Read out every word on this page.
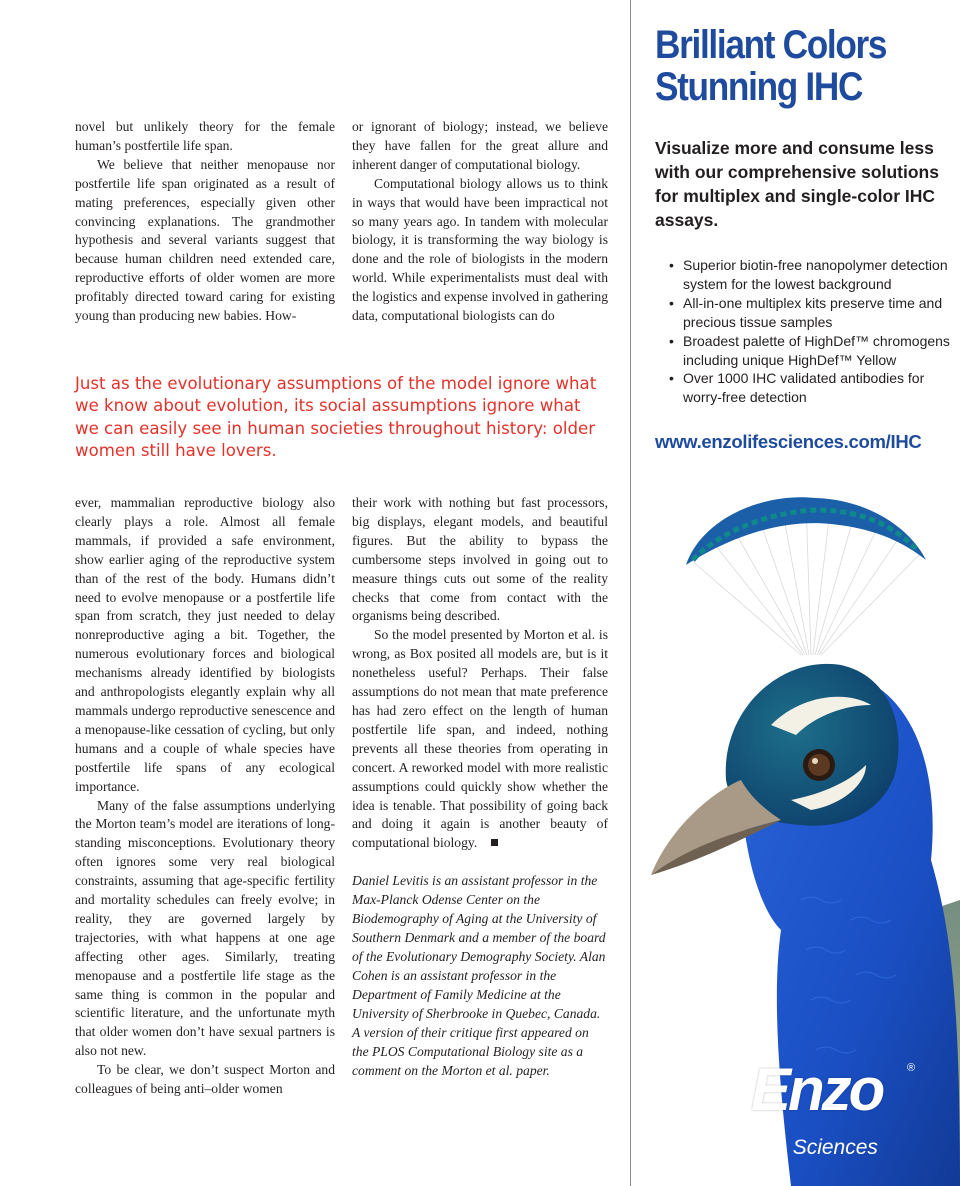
novel but unlikely theory for the female human’s postfertile life span.

We believe that neither menopause nor postfertile life span originated as a result of mating preferences, especially given other convincing explanations. The grandmother hypothesis and several variants suggest that because human children need extended care, reproductive efforts of older women are more profitably directed toward caring for existing young than producing new babies. How-

or ignorant of biology; instead, we believe they have fallen for the great allure and inherent danger of computational biology.

Computational biology allows us to think in ways that would have been impractical not so many years ago. In tandem with molecular biology, it is transforming the way biology is done and the role of biologists in the modern world. While experimentalists must deal with the logistics and expense involved in gathering data, computational biologists can do

Just as the evolutionary assumptions of the model ignore what we know about evolution, its social assumptions ignore what we can easily see in human societies throughout history: older women still have lovers.

ever, mammalian reproductive biology also clearly plays a role. Almost all female mammals, if provided a safe environment, show earlier aging of the reproductive system than of the rest of the body. Humans didn’t need to evolve menopause or a postfertile life span from scratch, they just needed to delay nonreproductive aging a bit. Together, the numerous evolutionary forces and biological mechanisms already identified by biologists and anthropologists elegantly explain why all mammals undergo reproductive senescence and a menopause-like cessation of cycling, but only humans and a couple of whale species have postfertile life spans of any ecological importance.

Many of the false assumptions underlying the Morton team’s model are iterations of long-standing misconceptions. Evolutionary theory often ignores some very real biological constraints, assuming that age-specific fertility and mortality schedules can freely evolve; in reality, they are governed largely by trajectories, with what happens at one age affecting other ages. Similarly, treating menopause and a postfertile life stage as the same thing is common in the popular and scientific literature, and the unfortunate myth that older women don’t have sexual partners is also not new.

To be clear, we don’t suspect Morton and colleagues of being anti–older women

their work with nothing but fast processors, big displays, elegant models, and beautiful figures. But the ability to bypass the cumbersome steps involved in going out to measure things cuts out some of the reality checks that come from contact with the organisms being described.

So the model presented by Morton et al. is wrong, as Box posited all models are, but is it nonetheless useful? Perhaps. Their false assumptions do not mean that mate preference has had zero effect on the length of human postfertile life span, and indeed, nothing prevents all these theories from operating in concert. A reworked model with more realistic assumptions could quickly show whether the idea is tenable. That possibility of going back and doing it again is another beauty of computational biology.

Daniel Levitis is an assistant professor in the Max-Planck Odense Center on the Biodemography of Aging at the University of Southern Denmark and a member of the board of the Evolutionary Demography Society. Alan Cohen is an assistant professor in the Department of Family Medicine at the University of Sherbrooke in Quebec, Canada. A version of their critique first appeared on the PLOS Computational Biology site as a comment on the Morton et al. paper.

Brilliant Colors
Stunning IHC

Visualize more and consume less with our comprehensive solutions for multiplex and single-color IHC assays.

• Superior biotin-free nanopolymer detection system for the lowest background
• All-in-one multiplex kits preserve time and precious tissue samples
• Broadest palette of HighDef™ chromogens including unique HighDef™ Yellow
• Over 1000 IHC validated antibodies for worry-free detection

www.enzolifesciences.com/IHC

Enzo ®

Life Sciences
